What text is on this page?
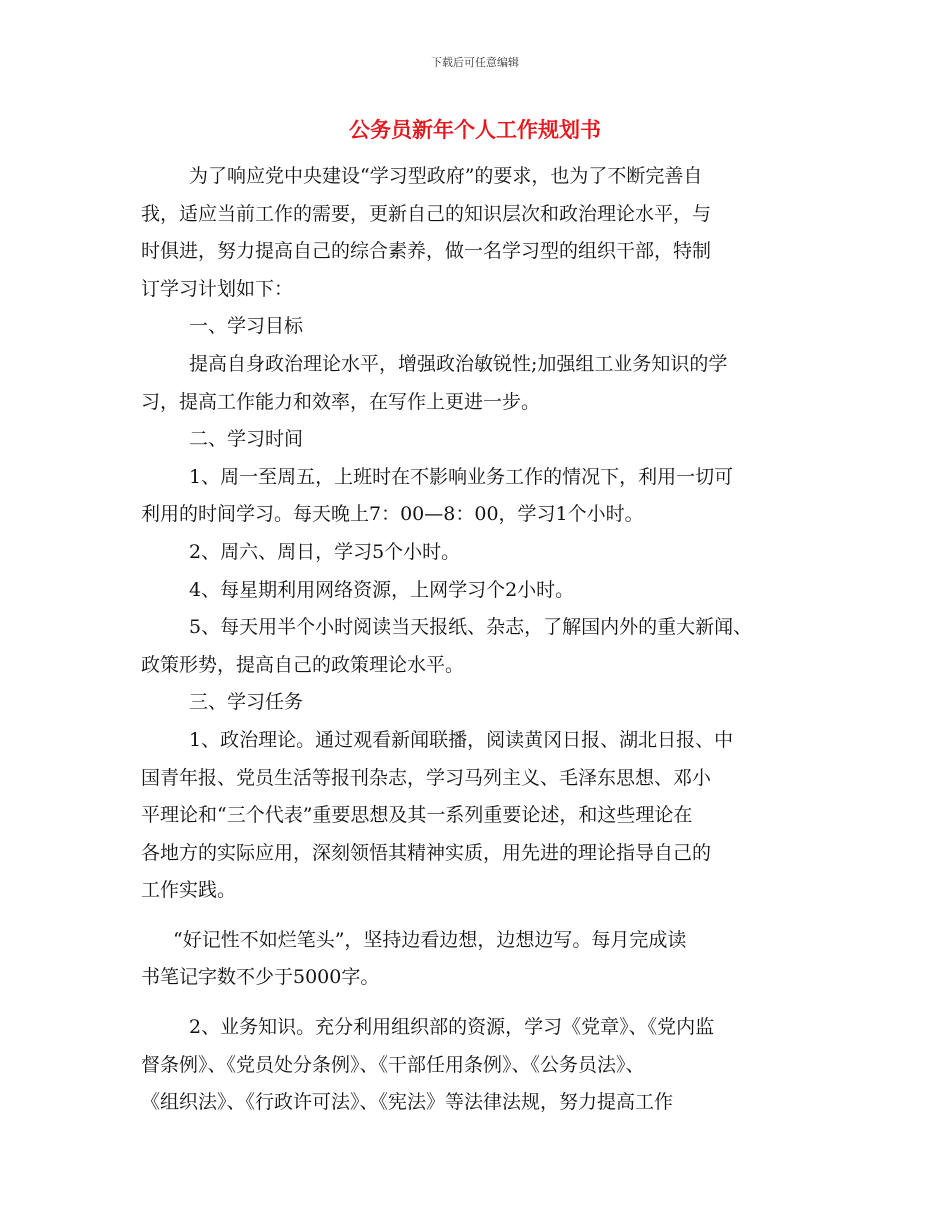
下载后可任意编辑
公务员新年个人工作规划书
为了响应党中央建设“学习型政府”的要求，也为了不断完善自
我，适应当前工作的需要，更新自己的知识层次和政治理论水平，与
时俱进，努力提高自己的综合素养，做一名学习型的组织干部，特制
订学习计划如下：
一、学习目标
提高自身政治理论水平，增强政治敏锐性;加强组工业务知识的学
习，提高工作能力和效率，在写作上更进一步。
二、学习时间
1、周一至周五，上班时在不影响业务工作的情况下，利用一切可
利用的时间学习。每天晚上7：00—8：00，学习1个小时。
2、周六、周日，学习5个小时。
4、每星期利用网络资源，上网学习个2小时。
5、每天用半个小时阅读当天报纸、杂志，了解国内外的重大新闻、
政策形势，提高自己的政策理论水平。
三、学习任务
1、政治理论。通过观看新闻联播，阅读黄冈日报、湖北日报、中
国青年报、党员生活等报刊杂志，学习马列主义、毛泽东思想、邓小
平理论和“三个代表”重要思想及其一系列重要论述，和这些理论在
各地方的实际应用，深刻领悟其精神实质，用先进的理论指导自己的
工作实践。
“好记性不如烂笔头”，坚持边看边想，边想边写。每月完成读
书笔记字数不少于5000字。
2、业务知识。充分利用组织部的资源，学习《党章》、《党内监
督条例》、《党员处分条例》、《干部任用条例》、《公务员法》、
《组织法》、《行政许可法》、《宪法》等法律法规，努力提高工作
